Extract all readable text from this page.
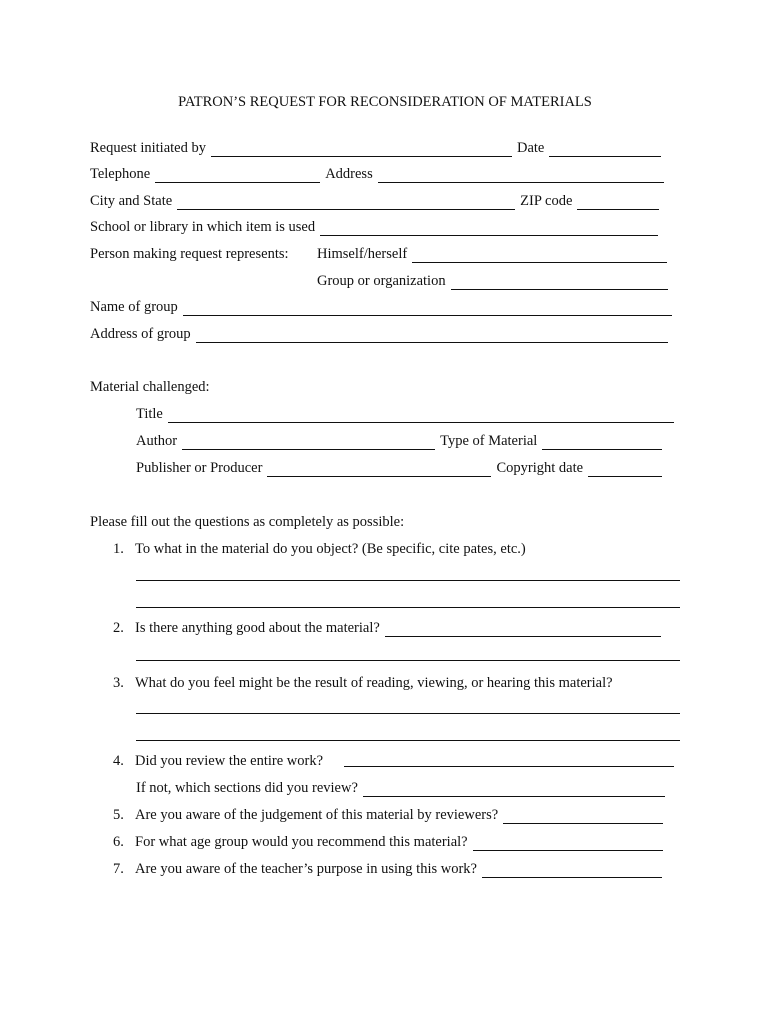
PATRON’S REQUEST FOR RECONSIDERATION OF MATERIALS
Request initiated by	Date
Telephone	Address
City and State	ZIP code
School or library in which item is used
Person making request represents: Himself/herself
Group or organization
Name of group
Address of group
Material challenged:
Title
Author	Type of Material
Publisher or Producer	Copyright date
Please fill out the questions as completely as possible:
1. To what in the material do you object? (Be specific, cite pates, etc.)
2. Is there anything good about the material?
3. What do you feel might be the result of reading, viewing, or hearing this material?
4. Did you review the entire work?
If not, which sections did you review?
5. Are you aware of the judgement of this material by reviewers?
6. For what age group would you recommend this material?
7. Are you aware of the teacher’s purpose in using this work?
